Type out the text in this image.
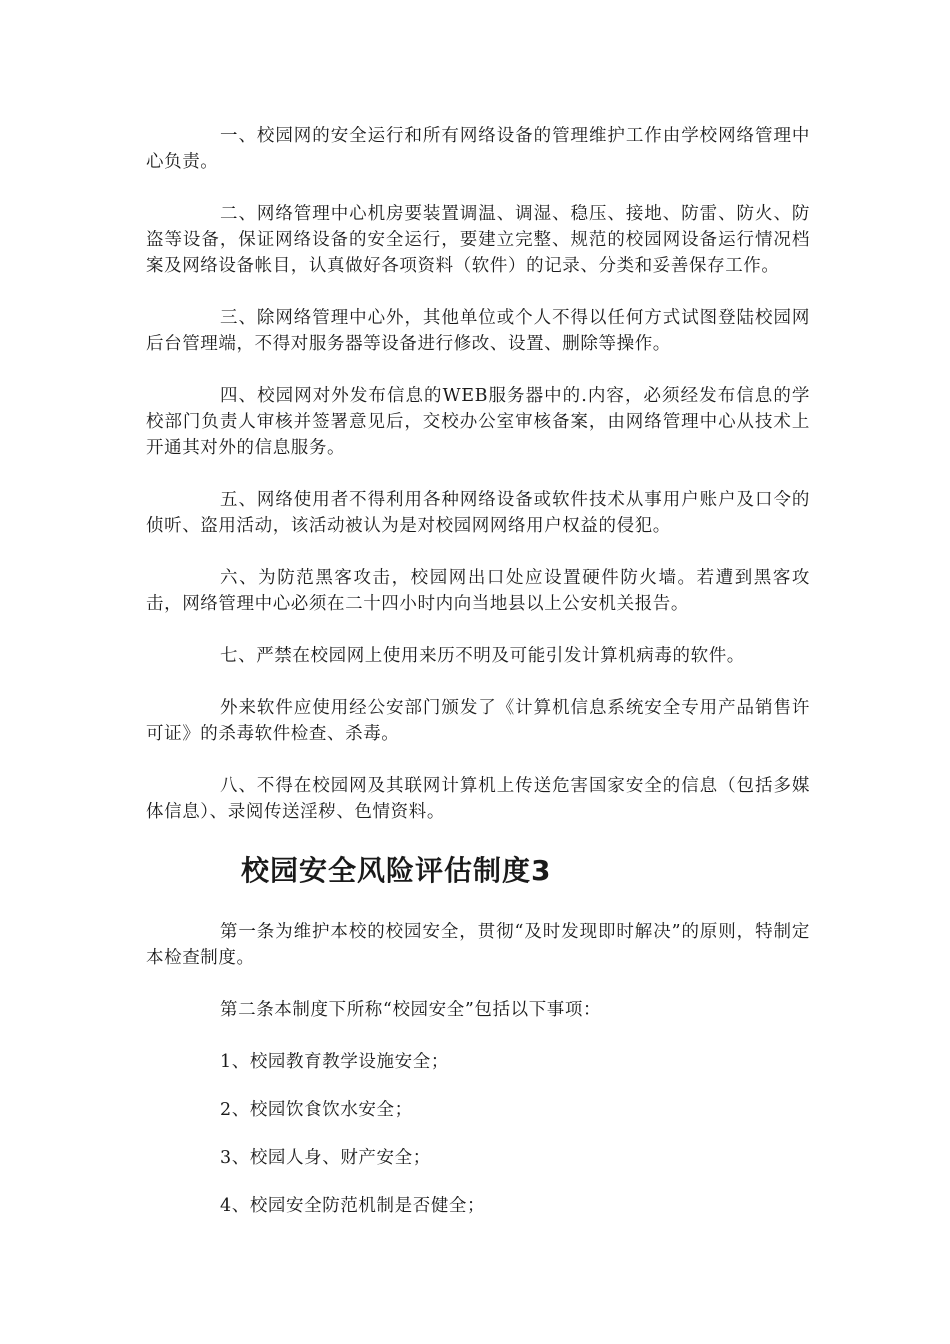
一、校园网的安全运行和所有网络设备的管理维护工作由学校网络管理中心负责。

二、网络管理中心机房要装置调温、调湿、稳压、接地、防雷、防火、防盗等设备，保证网络设备的安全运行，要建立完整、规范的校园网设备运行情况档案及网络设备帐目，认真做好各项资料（软件）的记录、分类和妥善保存工作。

三、除网络管理中心外，其他单位或个人不得以任何方式试图登陆校园网后台管理端，不得对服务器等设备进行修改、设置、删除等操作。

四、校园网对外发布信息的WEB服务器中的.内容，必须经发布信息的学校部门负责人审核并签署意见后，交校办公室审核备案，由网络管理中心从技术上开通其对外的信息服务。

五、网络使用者不得利用各种网络设备或软件技术从事用户账户及口令的侦听、盗用活动，该活动被认为是对校园网网络用户权益的侵犯。

六、为防范黑客攻击，校园网出口处应设置硬件防火墙。若遭到黑客攻击，网络管理中心必须在二十四小时内向当地县以上公安机关报告。

七、严禁在校园网上使用来历不明及可能引发计算机病毒的软件。

外来软件应使用经公安部门颁发了《计算机信息系统安全专用产品销售许可证》的杀毒软件检查、杀毒。

八、不得在校园网及其联网计算机上传送危害国家安全的信息（包括多媒体信息）、录阅传送淫秽、色情资料。

校园安全风险评估制度3

第一条为维护本校的校园安全，贯彻“及时发现即时解决”的原则，特制定本检查制度。

第二条本制度下所称“校园安全”包括以下事项：

1、校园教育教学设施安全；

2、校园饮食饮水安全；

3、校园人身、财产安全；

4、校园安全防范机制是否健全；
